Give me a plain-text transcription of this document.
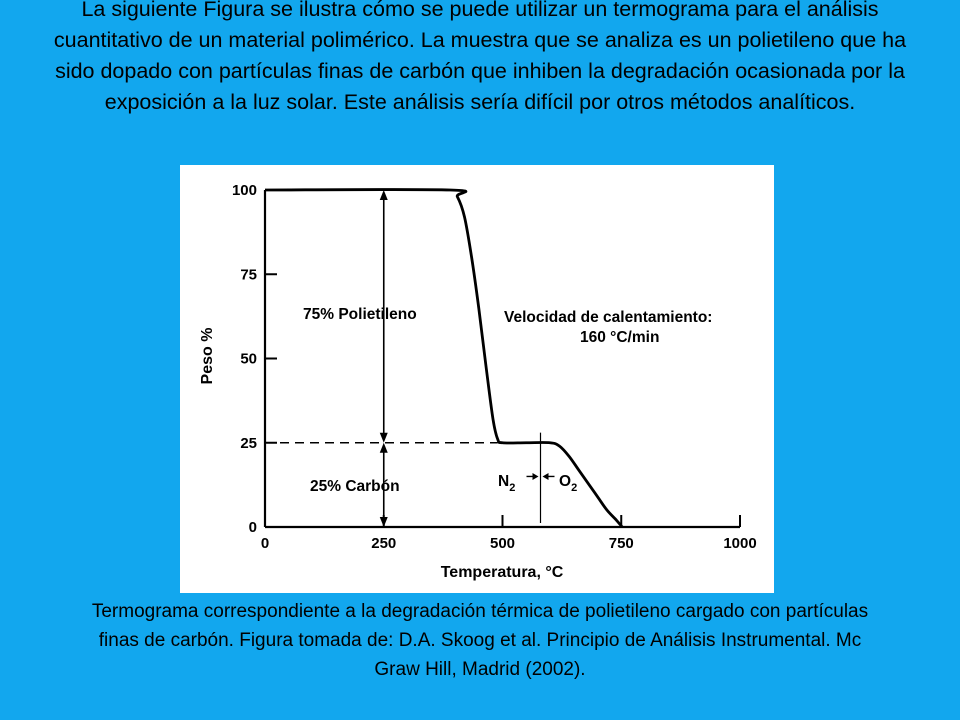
La siguiente Figura se ilustra cómo se puede utilizar un termograma para el análisis cuantitativo de un material polimérico. La muestra que se analiza es un polietileno que ha sido dopado con partículas finas de carbón que inhiben la degradación ocasionada por la exposición a la luz solar. Este análisis sería difícil por otros métodos analíticos.

0
25
50
75
100
0	250	500	750	1000
Temperatura, °C
Peso %
75% Polietileno
25% Carbón
Velocidad de calentamiento:
160 °C/min
$N_2$	$O_2$

Termograma correspondiente a la degradación térmica de polietileno cargado con partículas finas de carbón. Figura tomada de: D.A. Skoog et al. Principio de Análisis Instrumental. Mc Graw Hill, Madrid (2002).
